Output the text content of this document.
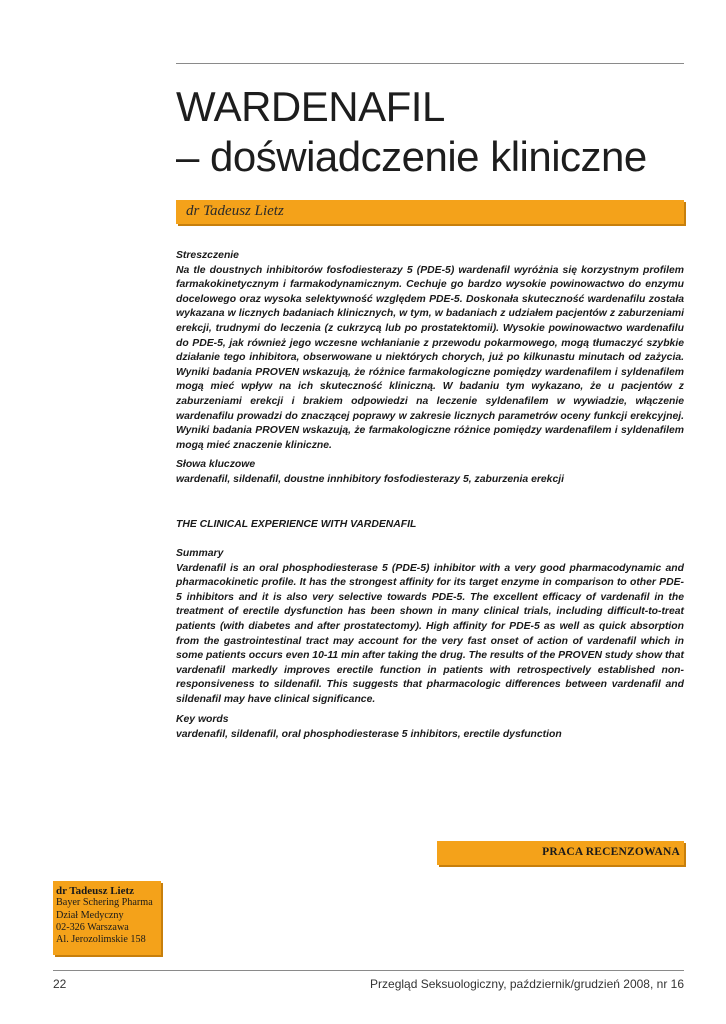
WARDENAFIL
– doświadczenie kliniczne
dr Tadeusz Lietz
Streszczenie
Na tle doustnych inhibitorów fosfodiesterazy 5 (PDE-5) wardenafil wyróżnia się korzystnym profilem farmakokinetycznym i farmakodynamicznym. Cechuje go bardzo wysokie powinowactwo do enzymu docelowego oraz wysoka selektywność względem PDE-5. Doskonała skuteczność wardenafilu została wykazana w licznych badaniach klinicznych, w tym, w badaniach z udziałem pacjentów z zaburzeniami erekcji, trudnymi do leczenia (z cukrzycą lub po prostatektomii). Wysokie powinowactwo wardenafilu do PDE-5, jak również jego wczesne wchłanianie z przewodu pokarmowego, mogą tłumaczyć szybkie działanie tego inhibitora, obserwowane u niektórych chorych, już po kilkunastu minutach od zażycia. Wyniki badania PROVEN wskazują, że różnice farmakologiczne pomiędzy wardenafilem i syldenafilem mogą mieć wpływ na ich skuteczność kliniczną. W badaniu tym wykazano, że u pacjentów z zaburzeniami erekcji i brakiem odpowiedzi na leczenie syldenafilem w wywiadzie, włączenie wardenafilu prowadzi do znaczącej poprawy w zakresie licznych parametrów oceny funkcji erekcyjnej. Wyniki badania PROVEN wskazują, że farmakologiczne różnice pomiędzy wardenafilem i syldenafilem mogą mieć znaczenie kliniczne.
Słowa kluczowe
wardenafil, sildenafil, doustne innhibitory fosfodiesterazy 5, zaburzenia erekcji
THE CLINICAL EXPERIENCE WITH VARDENAFIL
Summary
Vardenafil is an oral phosphodiesterase 5 (PDE-5) inhibitor with a very good pharmacodynamic and pharmacokinetic profile. It has the strongest affinity for its target enzyme in comparison to other PDE-5 inhibitors and it is also very selective towards PDE-5. The excellent efficacy of vardenafil in the treatment of erectile dysfunction has been shown in many clinical trials, including difficult-to-treat patients (with diabetes and after prostatectomy). High affinity for PDE-5 as well as quick absorption from the gastrointestinal tract may account for the very fast onset of action of vardenafil which in some patients occurs even 10-11 min after taking the drug. The results of the PROVEN study show that vardenafil markedly improves erectile function in patients with retrospectively established non-responsiveness to sildenafil. This suggests that pharmacologic differences between vardenafil and sildenafil may have clinical significance.
Key words
vardenafil, sildenafil, oral phosphodiesterase 5 inhibitors, erectile dysfunction
PRACA RECENZOWANA
dr Tadeusz Lietz
Bayer Schering Pharma
Dział Medyczny
02-326 Warszawa
Al. Jerozolimskie 158
22	Przegląd Seksuologiczny, październik/grudzień 2008, nr 16
